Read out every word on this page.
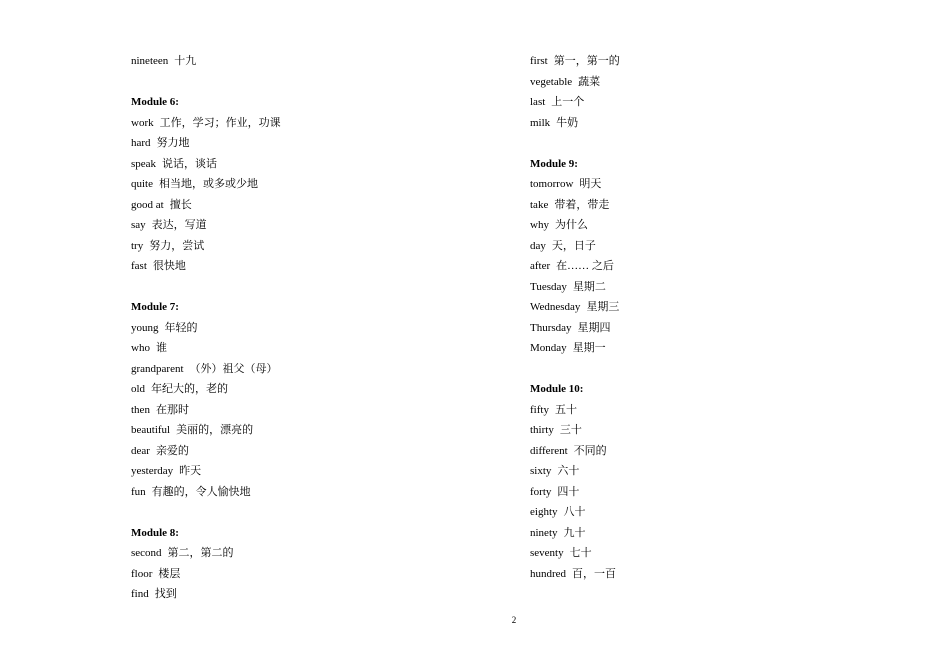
nineteen 十九
Module 6:
work 工作，学习；作业，功课
hard 努力地
speak 说话，谈话
quite 相当地，或多或少地
good at 擅长
say 表达，写道
try 努力，尝试
fast 很快地
Module 7:
young 年轻的
who 谁
grandparent （外）祖父（母）
old 年纪大的，老的
then 在那时
beautiful 美丽的，漂亮的
dear 亲爱的
yesterday 昨天
fun 有趣的，令人愉快地
Module 8:
second 第二，第二的
floor 楼层
find 找到
first 第一，第一的
vegetable 蔬菜
last 上一个
milk 牛奶
Module 9:
tomorrow 明天
take 带着，带走
why 为什么
day 天，日子
after 在…… 之后
Tuesday 星期二
Wednesday 星期三
Thursday 星期四
Monday 星期一
Module 10:
fifty 五十
thirty 三十
different 不同的
sixty 六十
forty 四十
eighty 八十
ninety 九十
seventy 七十
hundred 百，一百
2
